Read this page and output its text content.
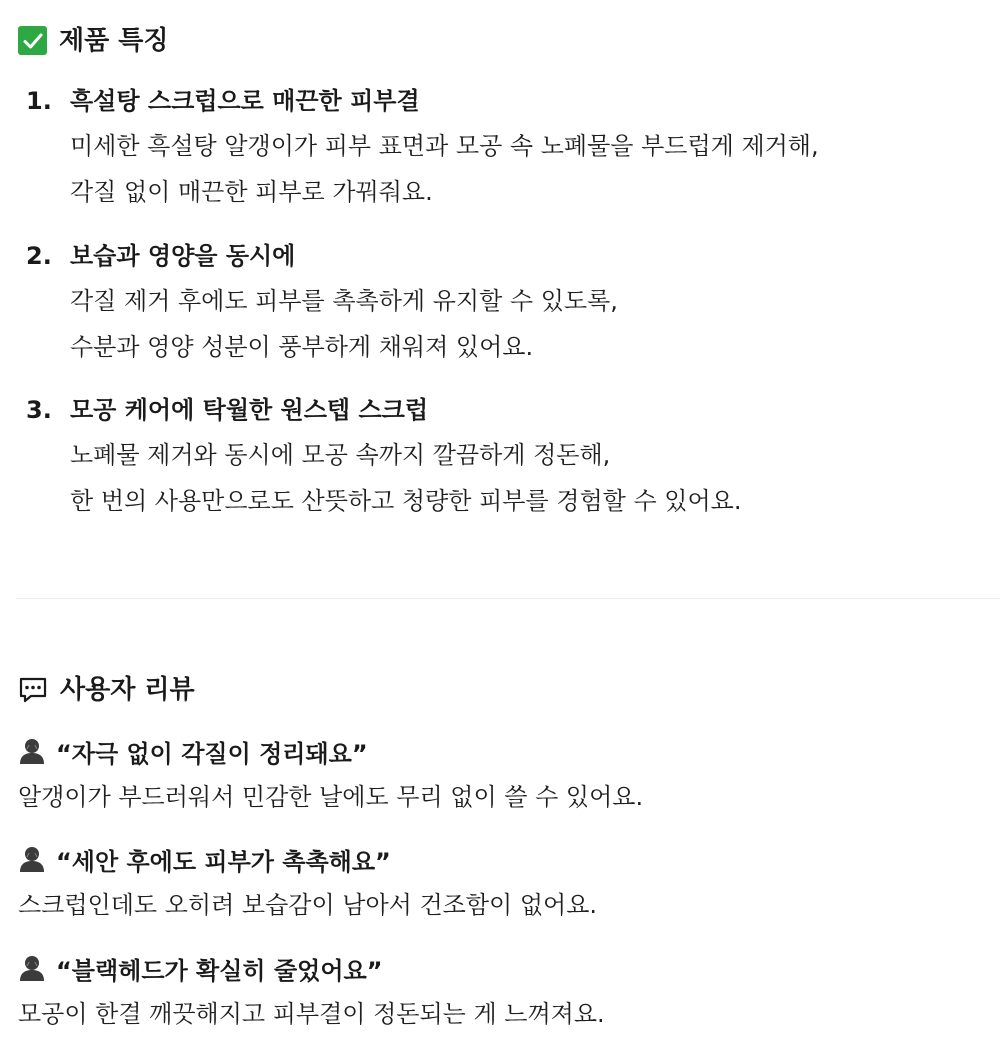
제품 특징
1. 흑설탕 스크럽으로 매끈한 피부결
미세한 흑설탕 알갱이가 피부 표면과 모공 속 노폐물을 부드럽게 제거해,
각질 없이 매끈한 피부로 가꿔줘요.
2. 보습과 영양을 동시에
각질 제거 후에도 피부를 촉촉하게 유지할 수 있도록,
수분과 영양 성분이 풍부하게 채워져 있어요.
3. 모공 케어에 탁월한 원스텝 스크럽
노폐물 제거와 동시에 모공 속까지 깔끔하게 정돈해,
한 번의 사용만으로도 산뜻하고 청량한 피부를 경험할 수 있어요.
사용자 리뷰
“자극 없이 각질이 정리돼요”
알갱이가 부드러워서 민감한 날에도 무리 없이 쓸 수 있어요.
“세안 후에도 피부가 촉촉해요”
스크럽인데도 오히려 보습감이 남아서 건조함이 없어요.
“블랙헤드가 확실히 줄었어요”
모공이 한결 깨끗해지고 피부결이 정돈되는 게 느껴져요.
